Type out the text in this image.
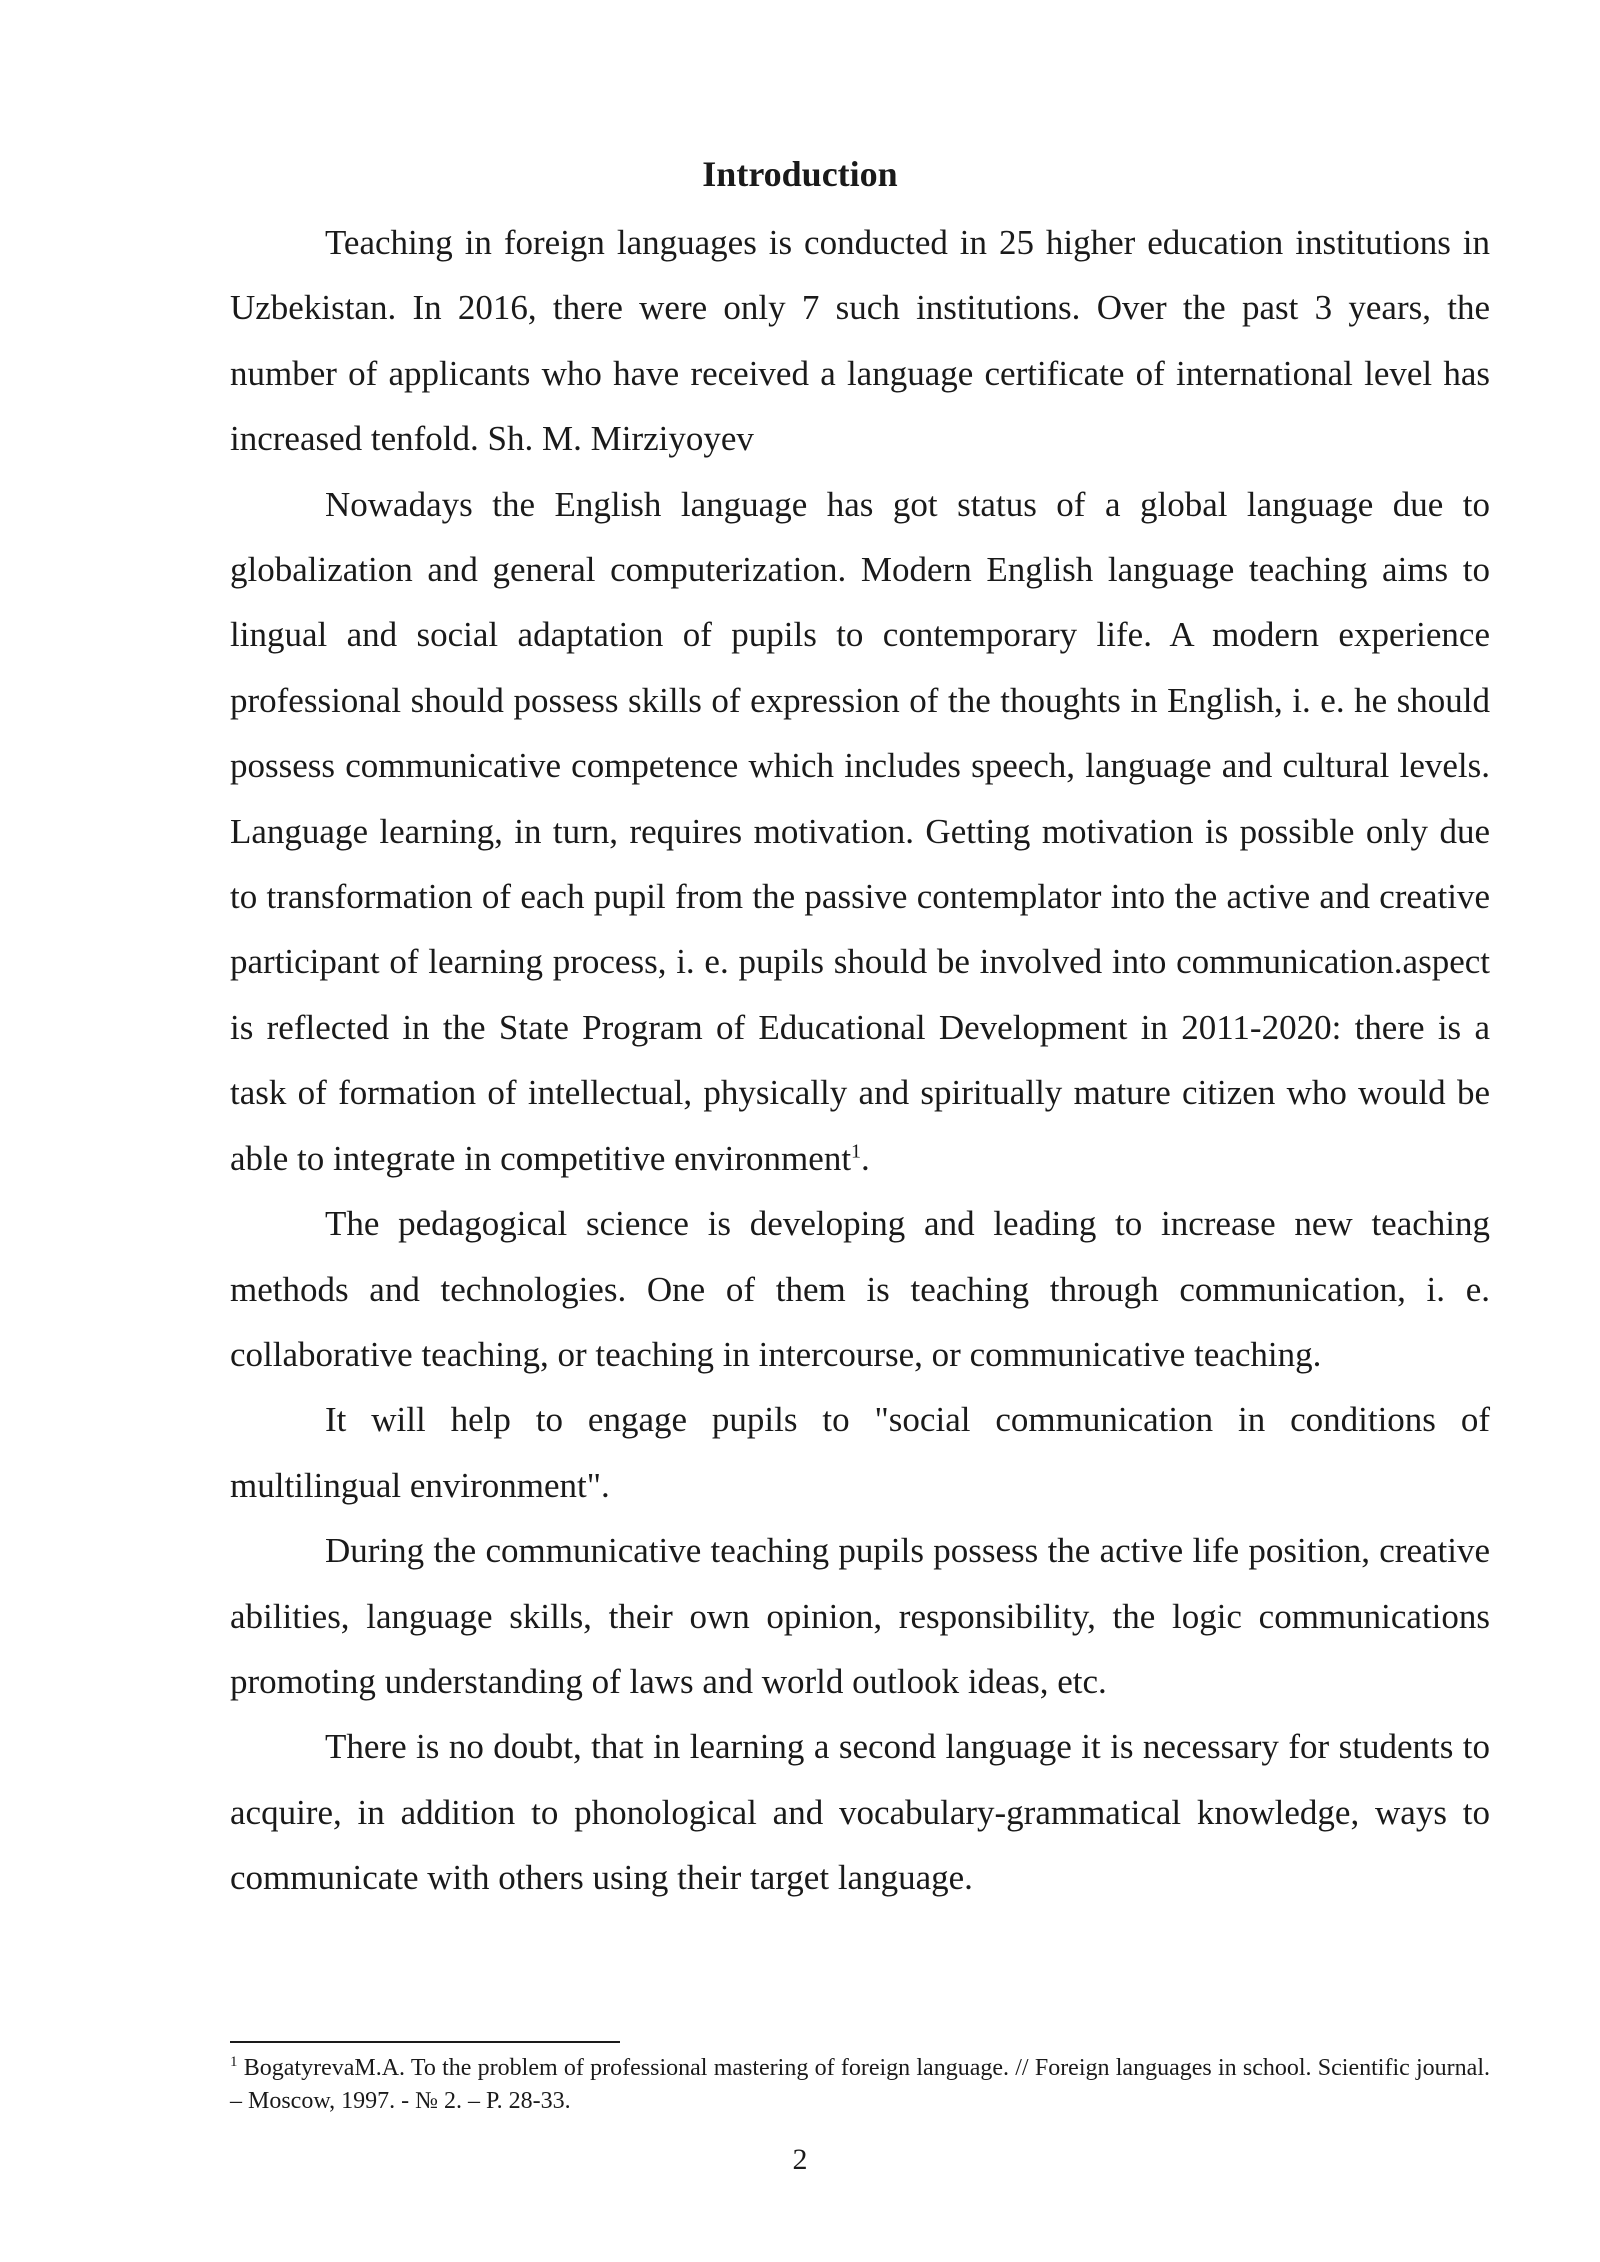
Introduction

Teaching in foreign languages is conducted in 25 higher education institutions in Uzbekistan. In 2016, there were only 7 such institutions. Over the past 3 years, the number of applicants who have received a language certificate of international level has increased tenfold. Sh. M. Mirziyoyev

Nowadays the English language has got status of a global language due to globalization and general computerization. Modern English language teaching aims to lingual and social adaptation of pupils to contemporary life. A modern experience professional should possess skills of expression of the thoughts in English, i. e. he should possess communicative competence which includes speech, language and cultural levels. Language learning, in turn, requires motivation. Getting motivation is possible only due to transformation of each pupil from the passive contemplator into the active and creative participant of learning process, i. e. pupils should be involved into communication.aspect is reflected in the State Program of Educational Development in 2011-2020: there is a task of formation of intellectual, physically and spiritually mature citizen who would be able to integrate in competitive environment$^1$.

The pedagogical science is developing and leading to increase new teaching methods and technologies. One of them is teaching through communication, i. e. collaborative teaching, or teaching in intercourse, or communicative teaching.

It will help to engage pupils to "social communication in conditions of multilingual environment".

During the communicative teaching pupils possess the active life position, creative abilities, language skills, their own opinion, responsibility, the logic communications promoting understanding of laws and world outlook ideas, etc.

There is no doubt, that in learning a second language it is necessary for students to acquire, in addition to phonological and vocabulary-grammatical knowledge, ways to communicate with others using their target language.

$^1$ BogatyrevaM.A. To the problem of professional mastering of foreign language. // Foreign languages in school. Scientific journal. – Moscow, 1997. - № 2. – P. 28-33.

2
